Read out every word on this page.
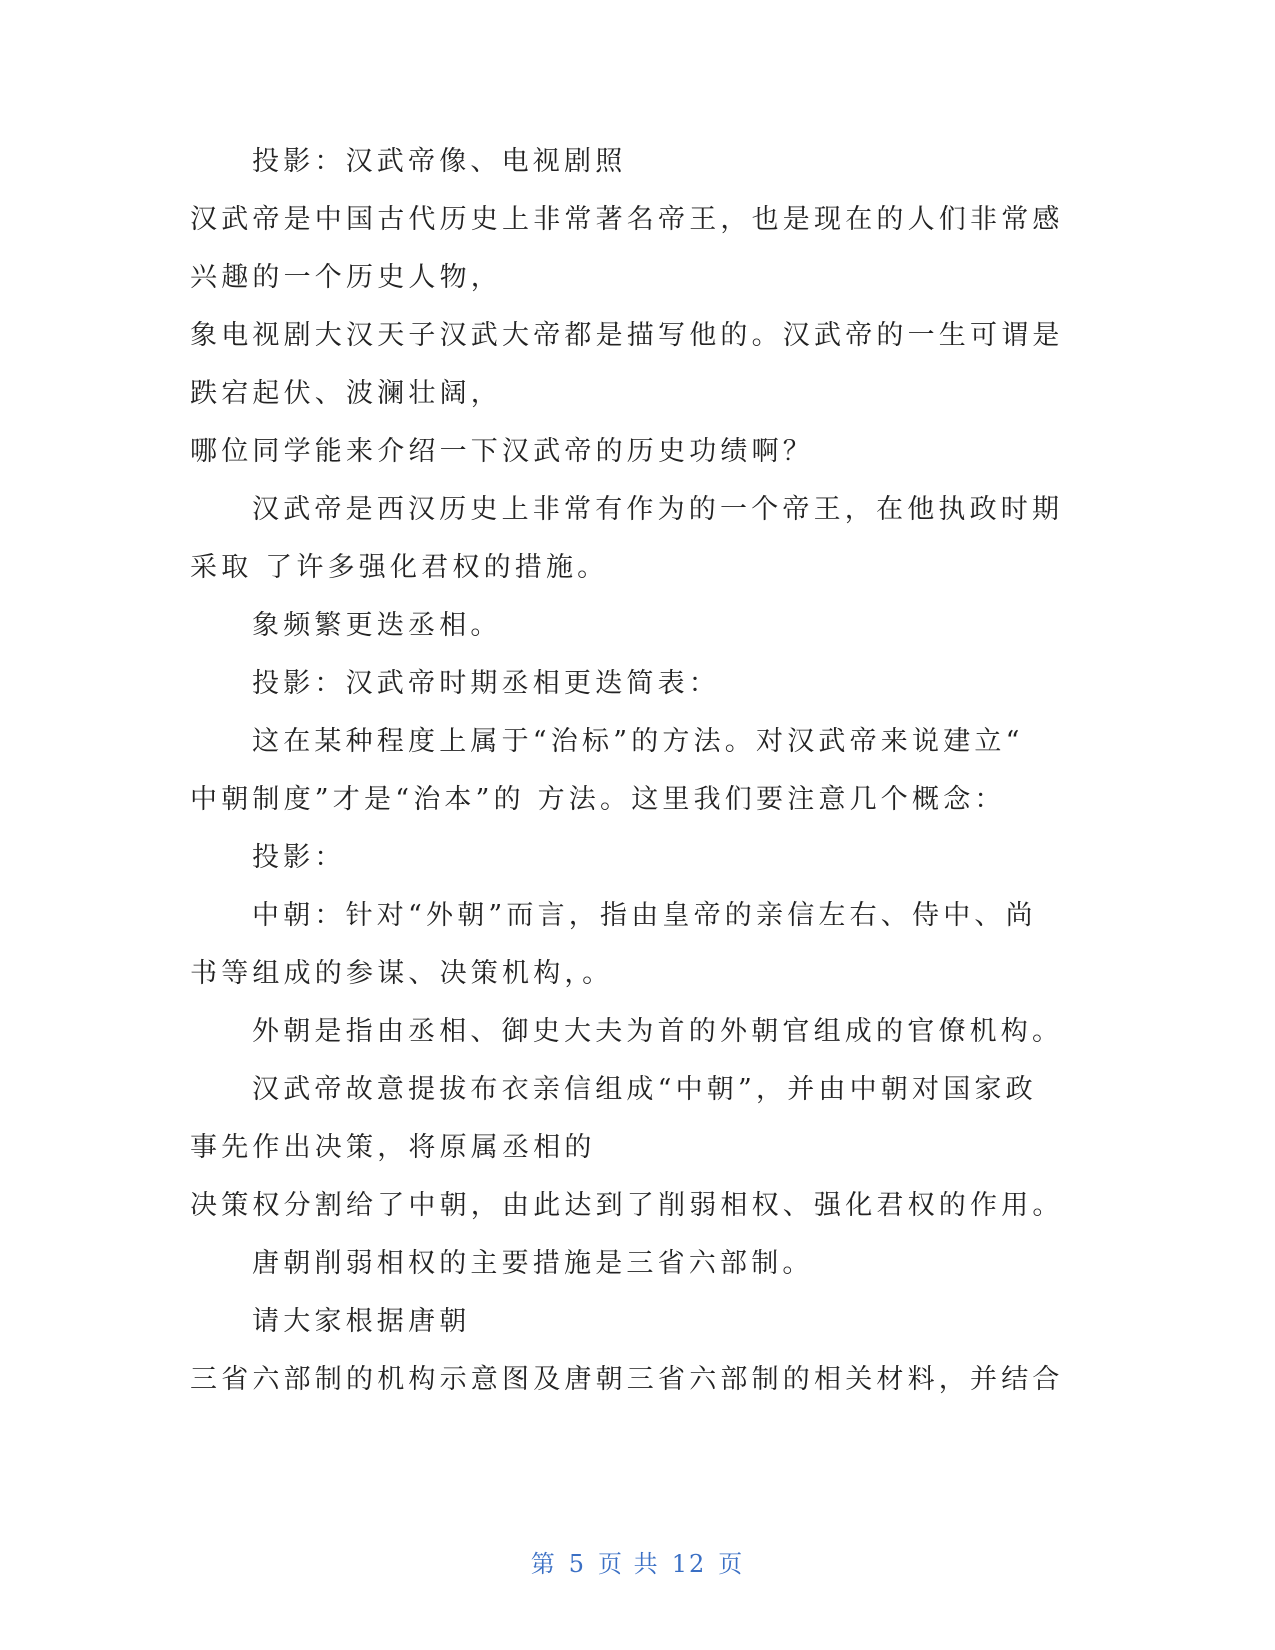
投影：汉武帝像、电视剧照
汉武帝是中国古代历史上非常著名帝王，也是现在的人们非常感
兴趣的一个历史人物，
象电视剧大汉天子汉武大帝都是描写他的。汉武帝的一生可谓是
跌宕起伏、波澜壮阔，
哪位同学能来介绍一下汉武帝的历史功绩啊？
汉武帝是西汉历史上非常有作为的一个帝王，在他执政时期
采取 了许多强化君权的措施。
象频繁更迭丞相。
投影：汉武帝时期丞相更迭简表：
这在某种程度上属于“治标”的方法。对汉武帝来说建立“
中朝制度”才是“治本”的 方法。这里我们要注意几个概念：
投影：
中朝：针对“外朝”而言，指由皇帝的亲信左右、侍中、尚
书等组成的参谋、决策机构，。
外朝是指由丞相、御史大夫为首的外朝官组成的官僚机构。
汉武帝故意提拔布衣亲信组成“中朝”，并由中朝对国家政
事先作出决策，将原属丞相的
决策权分割给了中朝，由此达到了削弱相权、强化君权的作用。
唐朝削弱相权的主要措施是三省六部制。
请大家根据唐朝
三省六部制的机构示意图及唐朝三省六部制的相关材料，并结合
第 5 页 共 12 页
